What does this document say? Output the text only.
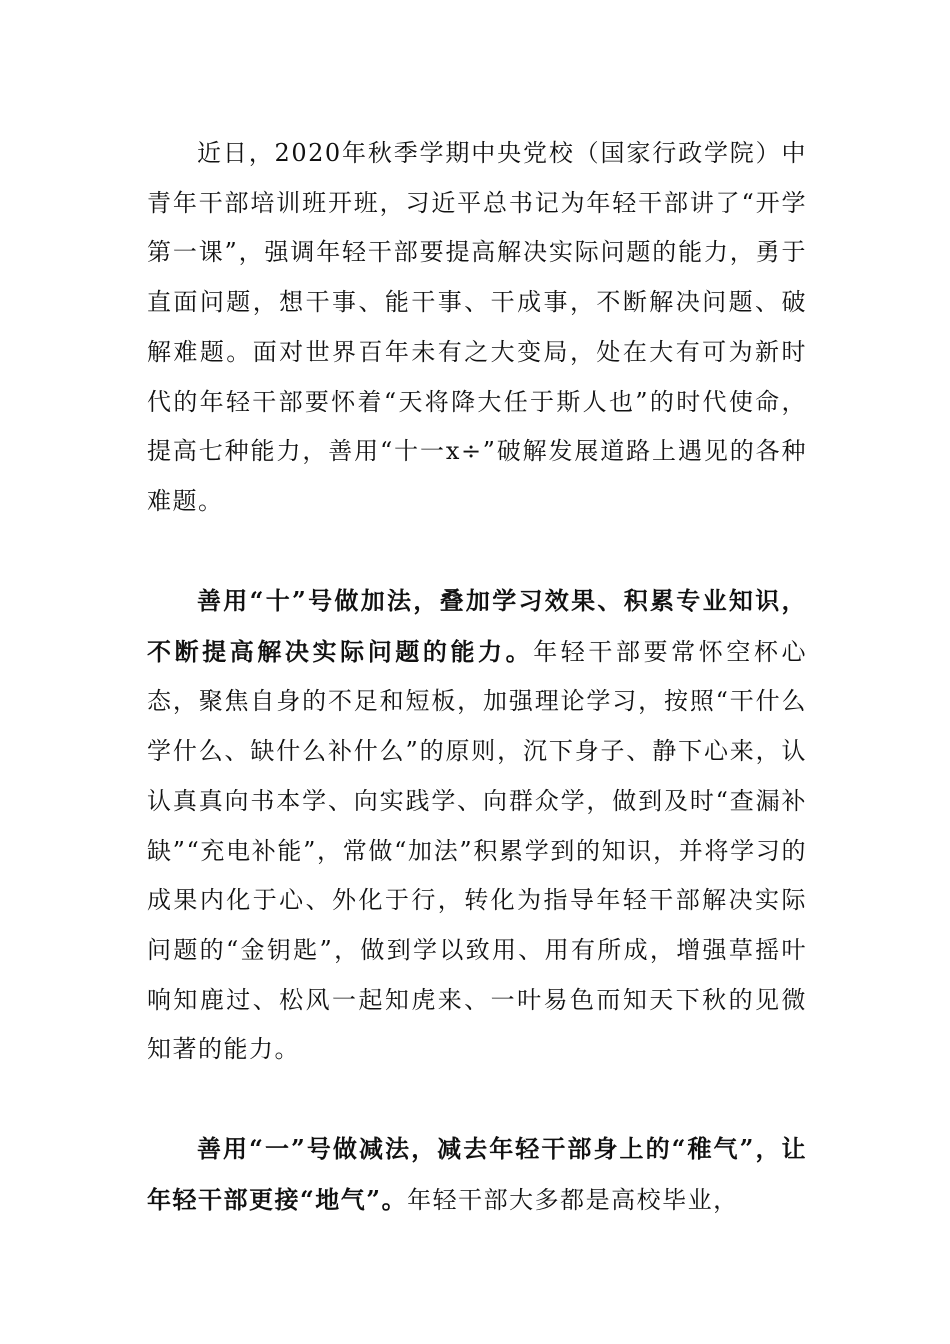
近日，2020年秋季学期中央党校（国家行政学院）中青年干部培训班开班，习近平总书记为年轻干部讲了“开学第一课”，强调年轻干部要提高解决实际问题的能力，勇于直面问题，想干事、能干事、干成事，不断解决问题、破解难题。面对世界百年未有之大变局，处在大有可为新时代的年轻干部要怀着“天将降大任于斯人也”的时代使命，提高七种能力，善用“十一x÷”破解发展道路上遇见的各种难题。

善用“十”号做加法，叠加学习效果、积累专业知识，不断提高解决实际问题的能力。年轻干部要常怀空杯心态，聚焦自身的不足和短板，加强理论学习，按照“干什么学什么、缺什么补什么”的原则，沉下身子、静下心来，认认真真向书本学、向实践学、向群众学，做到及时“查漏补缺”“充电补能”，常做“加法”积累学到的知识，并将学习的成果内化于心、外化于行，转化为指导年轻干部解决实际问题的“金钥匙”，做到学以致用、用有所成，增强草摇叶响知鹿过、松风一起知虎来、一叶易色而知天下秋的见微知著的能力。

善用“一”号做减法，减去年轻干部身上的“稚气”，让年轻干部更接“地气”。年轻干部大多都是高校毕业，
